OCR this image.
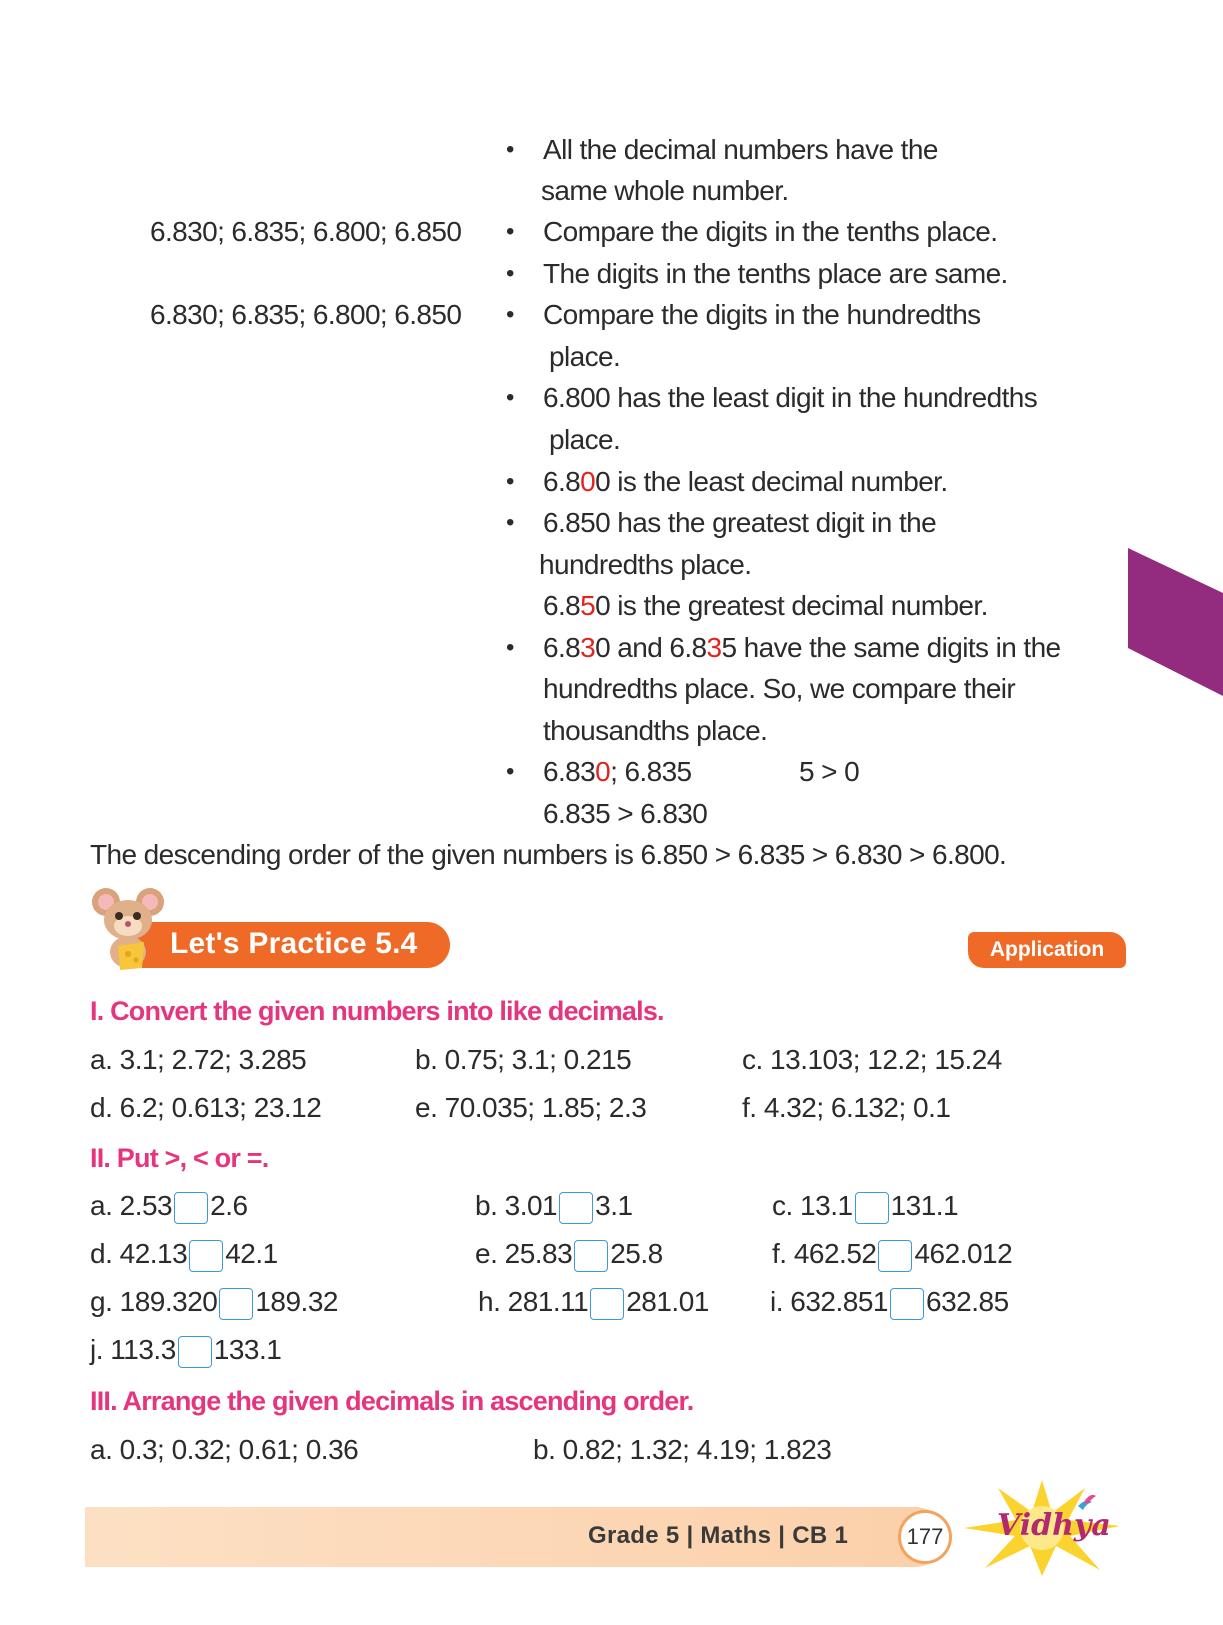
6.830; 6.835; 6.800; 6.850
6.830; 6.835; 6.800; 6.850
• All the decimal numbers have the
same whole number.
• Compare the digits in the tenths place.
• The digits in the tenths place are same.
• Compare the digits in the hundredths
place.
• 6.800 has the least digit in the hundredths
place.
• 6.800 is the least decimal number.
• 6.850 has the greatest digit in the
hundredths place.
6.850 is the greatest decimal number.
• 6.830 and 6.835 have the same digits in the
hundredths place. So, we compare their
thousandths place.
• 6.830; 6.835	5 > 0
6.835 > 6.830
The descending order of the given numbers is 6.850 > 6.835 > 6.830 > 6.800.
Let's Practice 5.4	Application
I. Convert the given numbers into like decimals.
a. 3.1; 2.72; 3.285	b. 0.75; 3.1; 0.215	c. 13.103; 12.2; 15.24
d. 6.2; 0.613; 23.12	e. 70.035; 1.85; 2.3	f. 4.32; 6.132; 0.1
II. Put >, < or =.
a. 2.53 2.6	b. 3.01 3.1	c. 13.1 131.1
d. 42.13 42.1	e. 25.83 25.8	f. 462.52 462.012
g. 189.320 189.32	h. 281.11 281.01 i. 632.851 632.85
j. 113.3 133.1
III. Arrange the given decimals in ascending order.
a. 0.3; 0.32; 0.61; 0.36	b. 0.82; 1.32; 4.19; 1.823
Grade 5 | Maths | CB 1	177 Vidhya
